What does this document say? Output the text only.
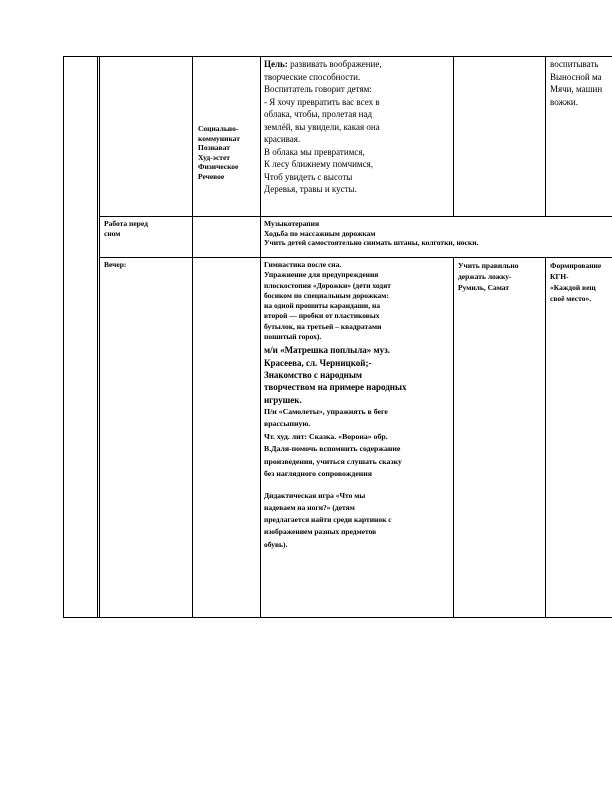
Социально-
коммуникат
Познават
Худ-эстет
Физическое
Речевое
Цель: развивать воображение,
творческие способности.
Воспитатель говорит детям:
- Я хочу превратить вас всех в
облака, чтобы, пролетая над
землёй, вы увидели, какая она
красивая.
В облака мы превратимся,
К лесу ближнему помчимся,
Чтоб увидеть с высоты
Деревья, травы и кусты.
воспитывать
Выносной ма
Мячи, машин
вожжи.
Работа перед
сном
Музыкотерапия
Ходьба по массажным дорожкам
Учить детей самостоятельно снимать штаны, колготки, носки.
Вечер:	Гимнастика после сна.
Упражнение для предупреждения
плоскостопия «Дорожки» (дети ходят
босиком по специальным дорожкам:
на одной прошиты карандаши, на
второй — пробки от пластиковых
бутылок, на третьей – квадратами
пошитый горох).
м/и «Матрешка поплыла» муз.
Красеева, сл. Черницкой;-
Знакомство с народным
творчеством на примере народных
игрушек.
П/и «Самолеты», упражнять в беге
врассыпную.
Чт. худ. лит: Сказка. «Ворона» обр.
В.Даля-помочь вспомнить содержание
произведения, учиться слушать сказку
без наглядного сопровождения
Дидактическая игра «Что мы
надеваем на ноги?» (детям
предлагается найти среди картинок с
изображением разных предметов
обувь).
Учить правильно
держать ложку-
Румиль, Самат
Формирование
КГН-
«Каждой вещ
своё место».
